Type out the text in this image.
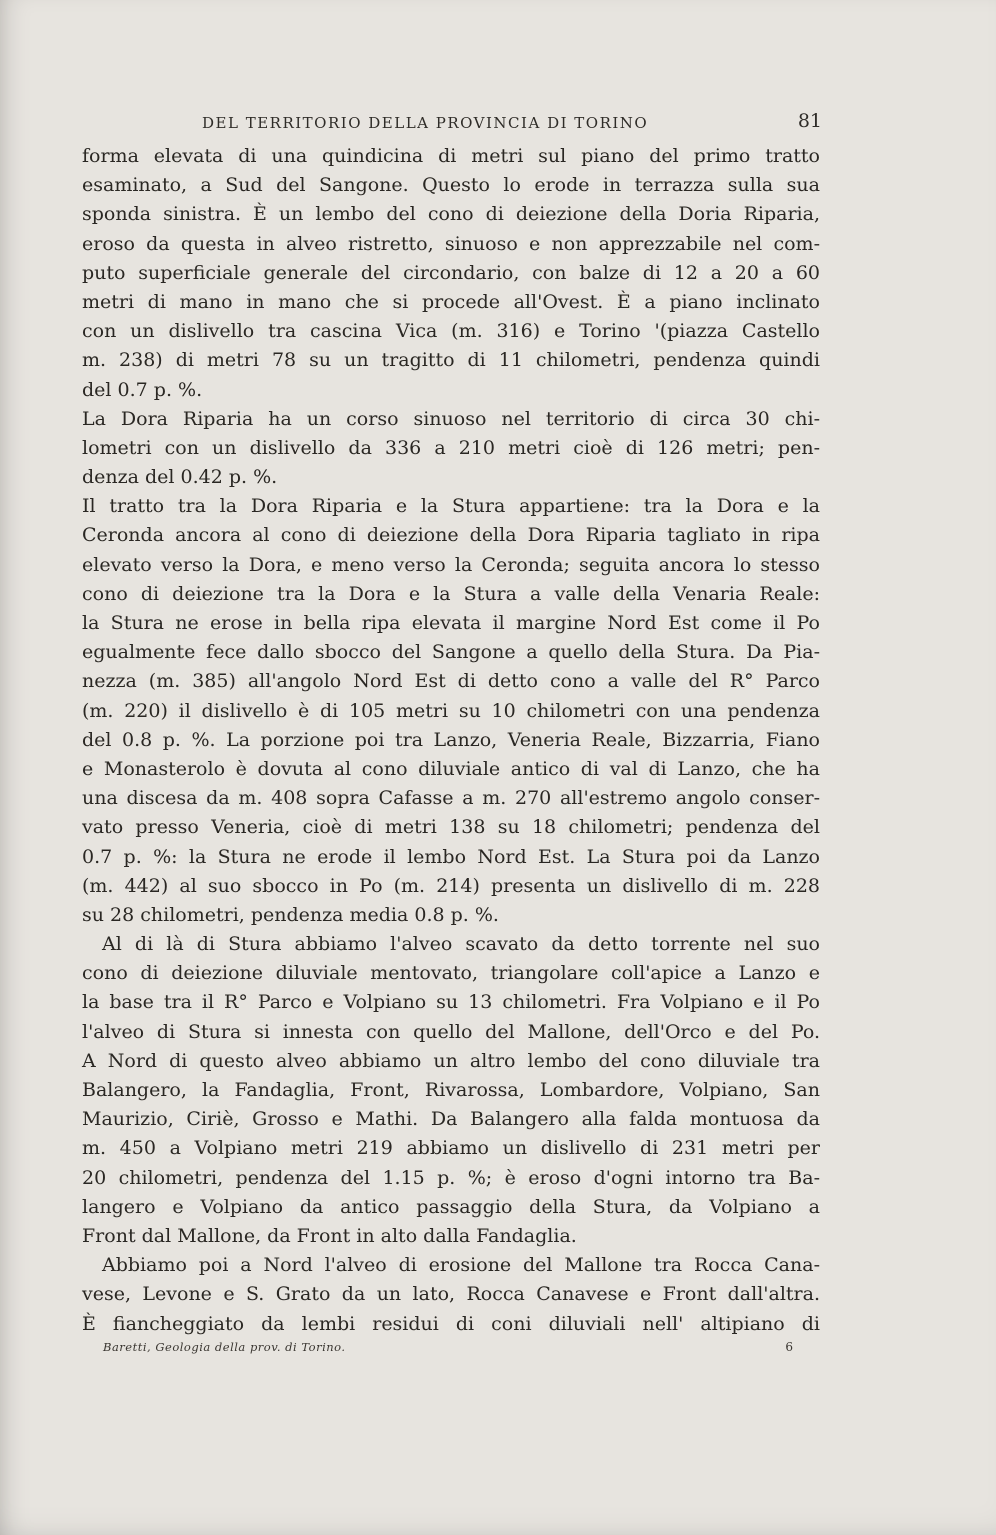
DEL TERRITORIO DELLA PROVINCIA DI TORINO	81
forma elevata di una quindicina di metri sul piano del primo tratto
esaminato, a Sud del Sangone. Questo lo erode in terrazza sulla sua
sponda sinistra. È un lembo del cono di deiezione della Doria Riparia,
eroso da questa in alveo ristretto, sinuoso e non apprezzabile nel com-
puto superficiale generale del circondario, con balze di 12 a 20 a 60
metri di mano in mano che si procede all'Ovest. È a piano inclinato
con un dislivello tra cascina Vica (m. 316) e Torino '(piazza Castello
m. 238) di metri 78 su un tragitto di 11 chilometri, pendenza quindi
del 0.7 p. %.
La Dora Riparia ha un corso sinuoso nel territorio di circa 30 chi-
lometri con un dislivello da 336 a 210 metri cioè di 126 metri; pen-
denza del 0.42 p. %.
Il tratto tra la Dora Riparia e la Stura appartiene: tra la Dora e la
Ceronda ancora al cono di deiezione della Dora Riparia tagliato in ripa
elevato verso la Dora, e meno verso la Ceronda; seguita ancora lo stesso
cono di deiezione tra la Dora e la Stura a valle della Venaria Reale:
la Stura ne erose in bella ripa elevata il margine Nord Est come il Po
egualmente fece dallo sbocco del Sangone a quello della Stura. Da Pia-
nezza (m. 385) all'angolo Nord Est di detto cono a valle del R° Parco
(m. 220) il dislivello è di 105 metri su 10 chilometri con una pendenza
del 0.8 p. %. La porzione poi tra Lanzo, Veneria Reale, Bizzarria, Fiano
e Monasterolo è dovuta al cono diluviale antico di val di Lanzo, che ha
una discesa da m. 408 sopra Cafasse a m. 270 all'estremo angolo conser-
vato presso Veneria, cioè di metri 138 su 18 chilometri; pendenza del
0.7 p. %: la Stura ne erode il lembo Nord Est. La Stura poi da Lanzo
(m. 442) al suo sbocco in Po (m. 214) presenta un dislivello di m. 228
su 28 chilometri, pendenza media 0.8 p. %.
Al di là di Stura abbiamo l'alveo scavato da detto torrente nel suo
cono di deiezione diluviale mentovato, triangolare coll'apice a Lanzo e
la base tra il R° Parco e Volpiano su 13 chilometri. Fra Volpiano e il Po
l'alveo di Stura si innesta con quello del Mallone, dell'Orco e del Po.
A Nord di questo alveo abbiamo un altro lembo del cono diluviale tra
Balangero, la Fandaglia, Front, Rivarossa, Lombardore, Volpiano, San
Maurizio, Ciriè, Grosso e Mathi. Da Balangero alla falda montuosa da
m. 450 a Volpiano metri 219 abbiamo un dislivello di 231 metri per
20 chilometri, pendenza del 1.15 p. %; è eroso d'ogni intorno tra Ba-
langero e Volpiano da antico passaggio della Stura, da Volpiano a
Front dal Mallone, da Front in alto dalla Fandaglia.
Abbiamo poi a Nord l'alveo di erosione del Mallone tra Rocca Cana-
vese, Levone e S. Grato da un lato, Rocca Canavese e Front dall'altra.
È fiancheggiato da lembi residui di coni diluviali nell' altipiano di
Baretti, Geologia della prov. di Torino.	6
